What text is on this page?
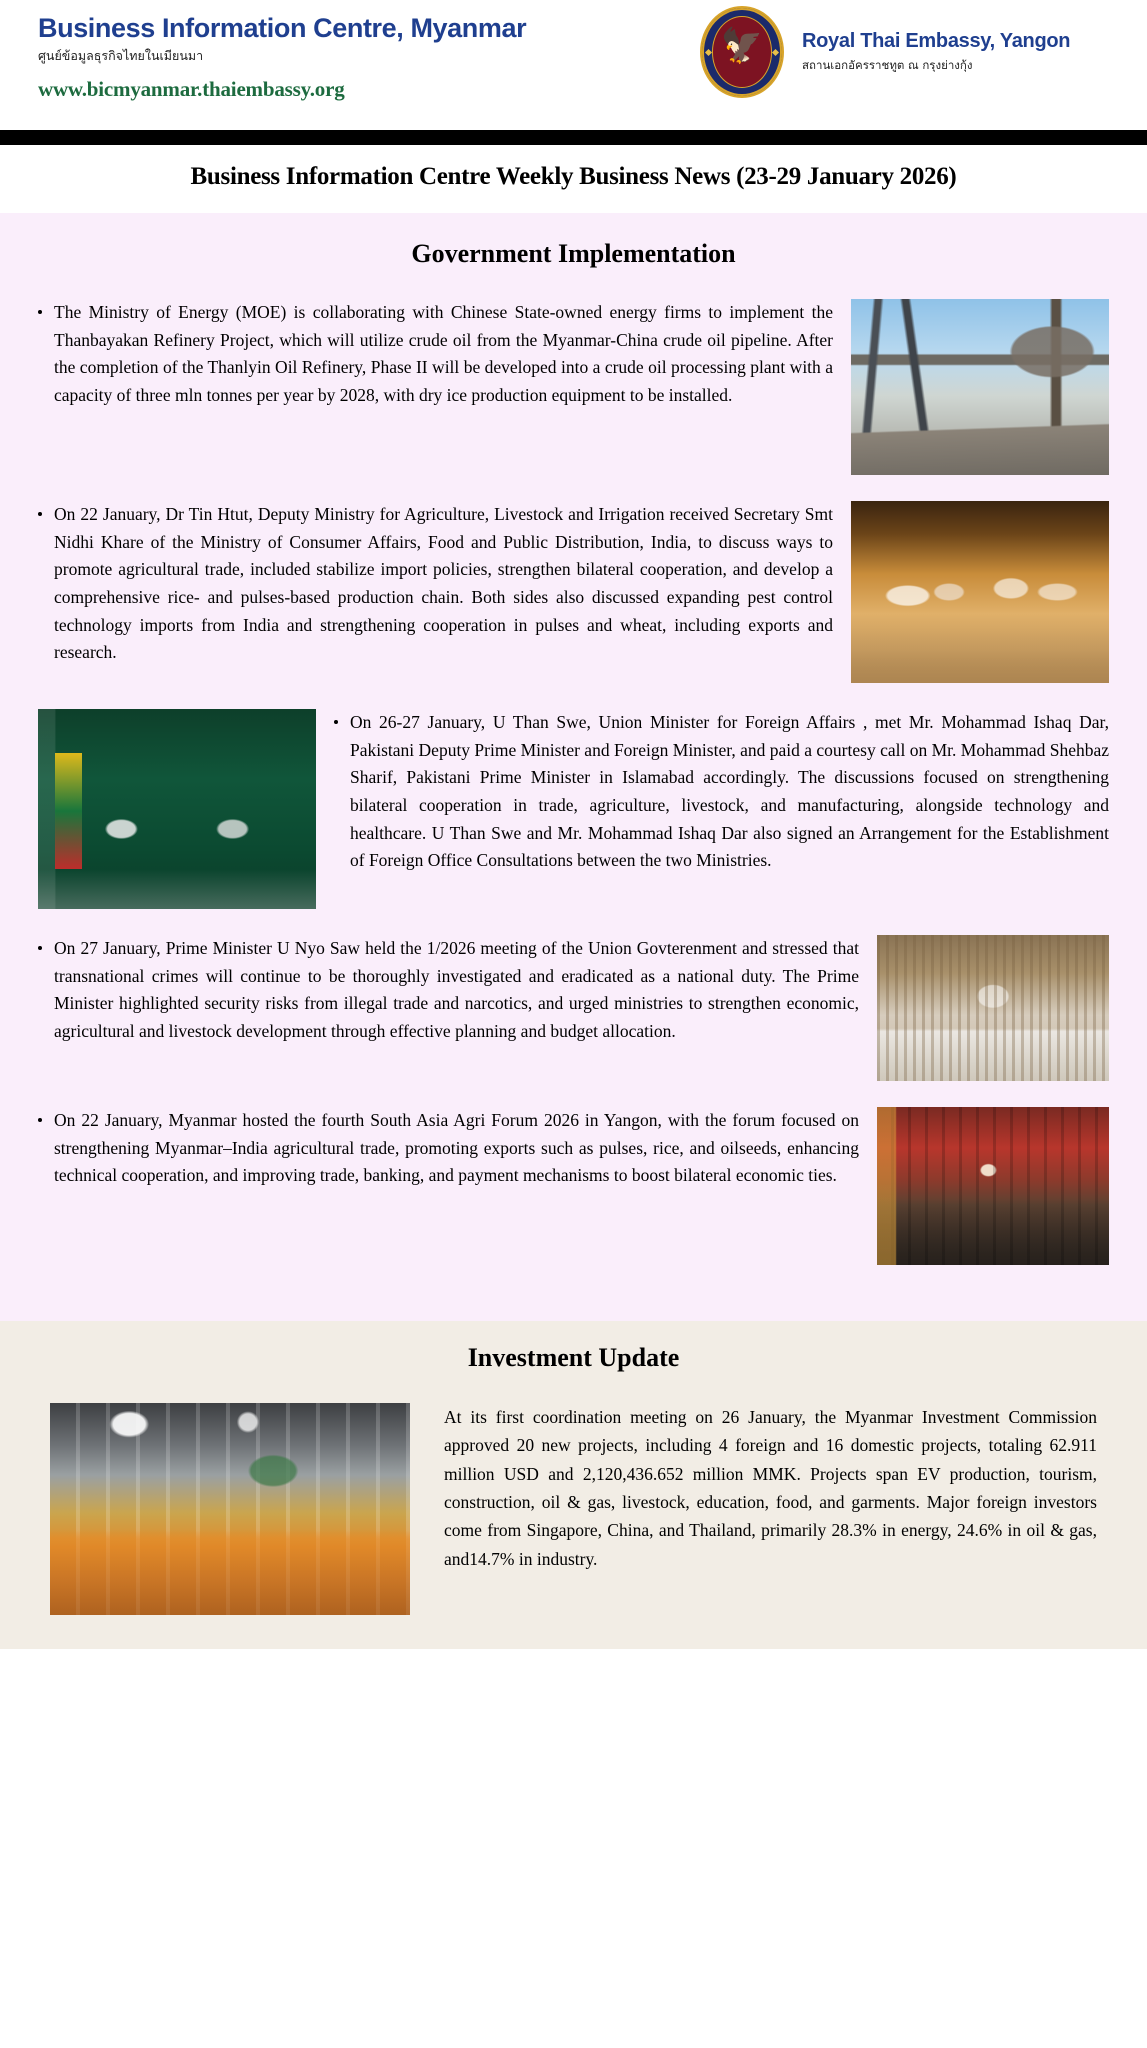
Business Information Centre, Myanmar
ศูนย์ข้อมูลธุรกิจไทยในเมียนมา
www.bicmyanmar.thaiembassy.org
🦅	Royal Thai Embassy, Yangon
สถานเอกอัครราชทูต ณ กรุงย่างกุ้ง
Business Information Centre Weekly Business News (23-29 January 2026)
Government Implementation
The Ministry of Energy (MOE) is collaborating with Chinese State-owned energy firms to implement the Thanbayakan Refinery Project, which will utilize crude oil from the Myanmar-China crude oil pipeline. After the completion of the Thanlyin Oil Refinery, Phase II will be developed into a crude oil processing plant with a capacity of three mln tonnes per year by 2028, with dry ice production equipment to be installed.
On 22 January, Dr Tin Htut, Deputy Ministry for Agriculture, Livestock and Irrigation received Secretary Smt Nidhi Khare of the Ministry of Consumer Affairs, Food and Public Distribution, India, to discuss ways to promote agricultural trade, included stabilize import policies, strengthen bilateral cooperation, and develop a comprehensive rice- and pulses-based production chain. Both sides also discussed expanding pest control technology imports from India and strengthening cooperation in pulses and wheat, including exports and research.
On 26-27 January, U Than Swe, Union Minister for Foreign Affairs , met Mr. Mohammad Ishaq Dar, Pakistani Deputy Prime Minister and Foreign Minister, and paid a courtesy call on Mr. Mohammad Shehbaz Sharif, Pakistani Prime Minister in Islamabad accordingly. The discussions focused on strengthening bilateral cooperation in trade, agriculture, livestock, and manufacturing, alongside technology and healthcare. U Than Swe and Mr. Mohammad Ishaq Dar also signed an Arrangement for the Establishment of Foreign Office Consultations between the two Ministries.
On 27 January, Prime Minister U Nyo Saw held the 1/2026 meeting of the Union Govterenment and stressed that transnational crimes will continue to be thoroughly investigated and eradicated as a national duty. The Prime Minister highlighted security risks from illegal trade and narcotics, and urged ministries to strengthen economic, agricultural and livestock development through effective planning and budget allocation.
On 22 January, Myanmar hosted the fourth South Asia Agri Forum 2026 in Yangon, with the forum focused on strengthening Myanmar–India agricultural trade, promoting exports such as pulses, rice, and oilseeds, enhancing technical cooperation, and improving trade, banking, and payment mechanisms to boost bilateral economic ties.
Investment Update
At its first coordination meeting on 26 January, the Myanmar Investment Commission approved 20 new projects, including 4 foreign and 16 domestic projects, totaling 62.911 million USD and 2,120,436.652 million MMK. Projects span EV production, tourism, construction, oil & gas, livestock, education, food, and garments. Major foreign investors come from Singapore, China, and Thailand, primarily 28.3% in energy, 24.6% in oil & gas, and14.7% in industry.
